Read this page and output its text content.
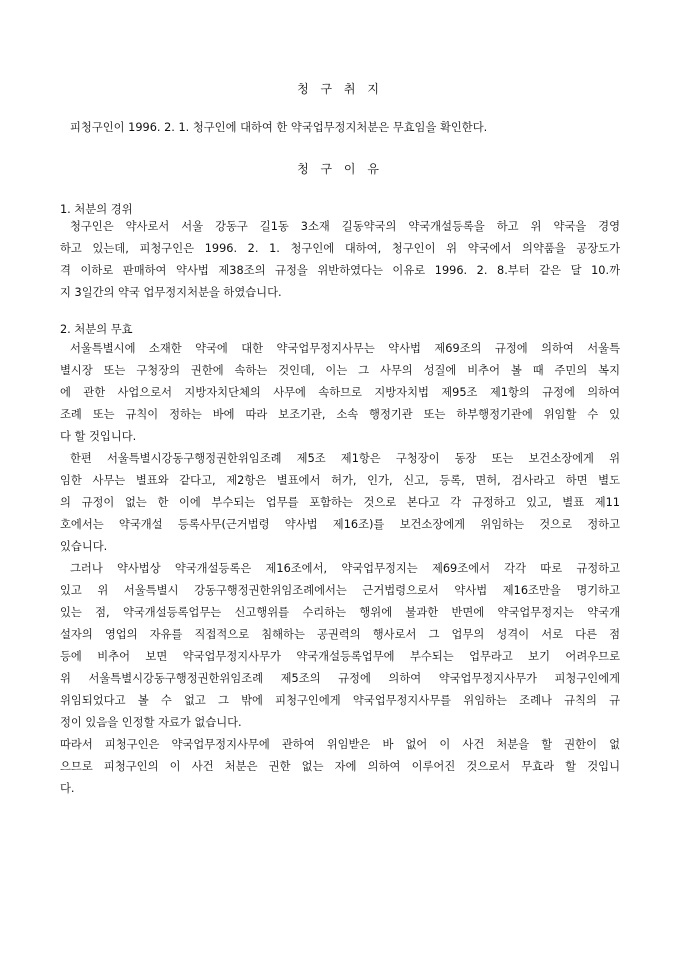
청 구 취 지
피청구인이 1996. 2. 1. 청구인에 대하여 한 약국업무정지처분은 무효임을 확인한다.
청 구 이 유
1. 처분의 경위
청구인은 약사로서 서울 강동구 길1동 3소재 길동약국의 약국개설등록을 하고 위 약국을 경영
하고 있는데, 피청구인은 1996. 2. 1. 청구인에 대하여, 청구인이 위 약국에서 의약품을 공장도가
격 이하로 판매하여 약사법 제38조의 규정을 위반하였다는 이유로 1996. 2. 8.부터 같은 달 10.까
지 3일간의 약국 업무정지처분을 하였습니다.
2. 처분의 무효
서울특별시에 소재한 약국에 대한 약국업무정지사무는 약사법 제69조의 규정에 의하여 서울특
별시장 또는 구청장의 권한에 속하는 것인데, 이는 그 사무의 성질에 비추어 볼 때 주민의 복지
에 관한 사업으로서 지방자치단체의 사무에 속하므로 지방자치법 제95조 제1항의 규정에 의하여
조례 또는 규칙이 정하는 바에 따라 보조기관, 소속 행정기관 또는 하부행정기관에 위임할 수 있
다 할 것입니다.
한편 서울특별시강동구행정권한위임조례 제5조 제1항은 구청장이 동장 또는 보건소장에게 위
임한 사무는 별표와 같다고, 제2항은 별표에서 허가, 인가, 신고, 등록, 면허, 검사라고 하면 별도
의 규정이 없는 한 이에 부수되는 업무를 포함하는 것으로 본다고 각 규정하고 있고, 별표 제11
호에서는 약국개설 등록사무(근거법령 약사법 제16조)를 보건소장에게 위임하는 것으로 정하고
있습니다.
그러나 약사법상 약국개설등록은 제16조에서, 약국업무정지는 제69조에서 각각 따로 규정하고
있고 위 서울특별시 강동구행정권한위임조례에서는 근거법령으로서 약사법 제16조만을 명기하고
있는 점, 약국개설등록업무는 신고행위를 수리하는 행위에 불과한 반면에 약국업무정지는 약국개
설자의 영업의 자유를 직접적으로 침해하는 공권력의 행사로서 그 업무의 성격이 서로 다른 점
등에 비추어 보면 약국업무정지사무가 약국개설등록업무에 부수되는 업무라고 보기 어려우므로
위 서울특별시강동구행정권한위임조례 제5조의 규정에 의하여 약국업무정지사무가 피청구인에게
위임되었다고 볼 수 없고 그 밖에 피청구인에게 약국업무정지사무를 위임하는 조례나 규칙의 규
정이 있음을 인정할 자료가 없습니다.
따라서 피청구인은 약국업무정지사무에 관하여 위임받은 바 없어 이 사건 처분을 할 권한이 없
으므로 피청구인의 이 사건 처분은 권한 없는 자에 의하여 이루어진 것으로서 무효라 할 것입니
다.
